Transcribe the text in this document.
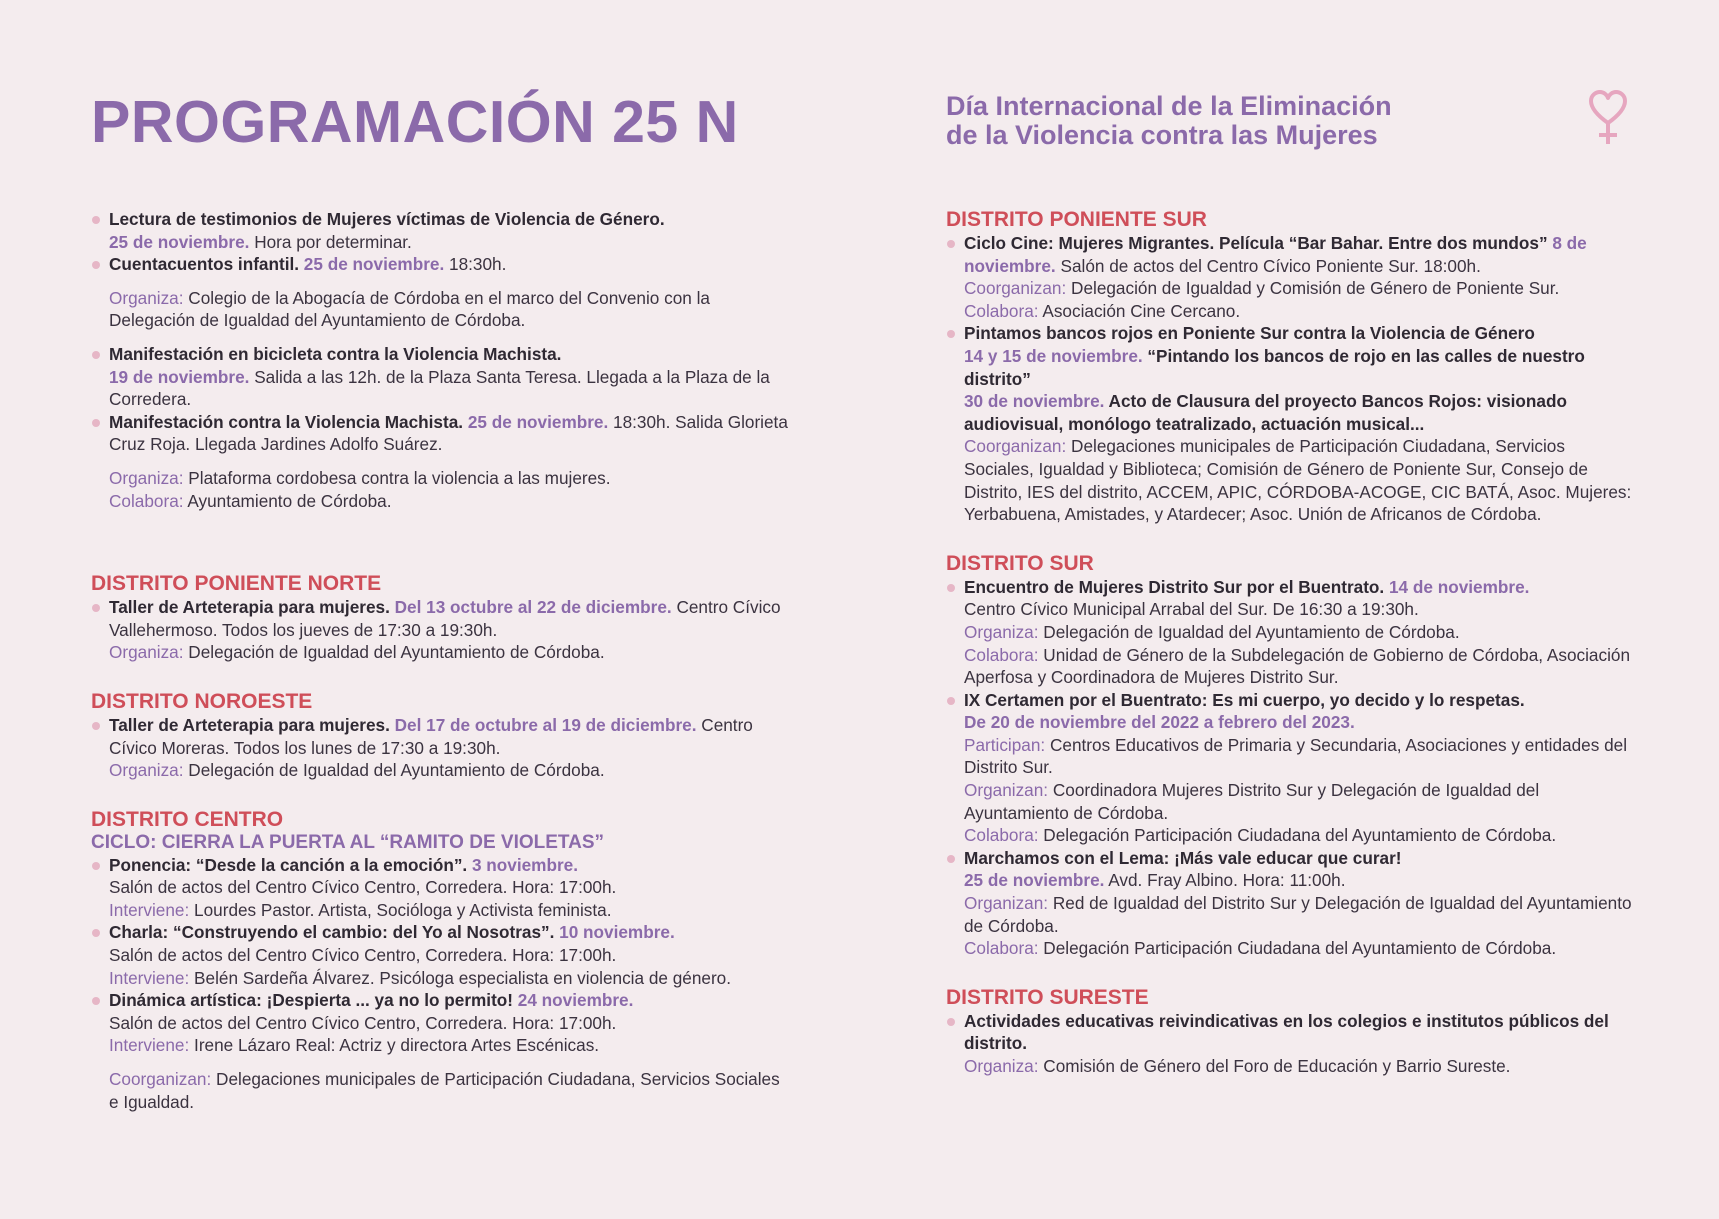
PROGRAMACIÓN 25 N	Día Internacional de la Eliminación
de la Violencia contra las Mujeres
Lectura de testimonios de Mujeres víctimas de Violencia de Género.
25 de noviembre. Hora por determinar.
Cuentacuentos infantil. 25 de noviembre. 18:30h.
Organiza: Colegio de la Abogacía de Córdoba en el marco del Convenio con la Delegación de Igualdad del Ayuntamiento de Córdoba.
Manifestación en bicicleta contra la Violencia Machista.
19 de noviembre. Salida a las 12h. de la Plaza Santa Teresa. Llegada a la Plaza de la Corredera.
Manifestación contra la Violencia Machista. 25 de noviembre. 18:30h. Salida Glorieta Cruz Roja. Llegada Jardines Adolfo Suárez.
Organiza: Plataforma cordobesa contra la violencia a las mujeres.
Colabora: Ayuntamiento de Córdoba.
DISTRITO PONIENTE NORTE
Taller de Arteterapia para mujeres. Del 13 octubre al 22 de diciembre. Centro Cívico Vallehermoso. Todos los jueves de 17:30 a 19:30h.
Organiza: Delegación de Igualdad del Ayuntamiento de Córdoba.
DISTRITO NOROESTE
Taller de Arteterapia para mujeres. Del 17 de octubre al 19 de diciembre. Centro Cívico Moreras. Todos los lunes de 17:30 a 19:30h.
Organiza: Delegación de Igualdad del Ayuntamiento de Córdoba.
DISTRITO CENTRO
CICLO: CIERRA LA PUERTA AL “RAMITO DE VIOLETAS”
Ponencia: “Desde la canción a la emoción”. 3 noviembre.
Salón de actos del Centro Cívico Centro, Corredera. Hora: 17:00h.
Interviene: Lourdes Pastor. Artista, Socióloga y Activista feminista.
Charla: “Construyendo el cambio: del Yo al Nosotras”. 10 noviembre.
Salón de actos del Centro Cívico Centro, Corredera. Hora: 17:00h.
Interviene: Belén Sardeña Álvarez. Psicóloga especialista en violencia de género.
Dinámica artística: ¡Despierta ... ya no lo permito! 24 noviembre.
Salón de actos del Centro Cívico Centro, Corredera. Hora: 17:00h.
Interviene: Irene Lázaro Real: Actriz y directora Artes Escénicas.
Coorganizan: Delegaciones municipales de Participación Ciudadana, Servicios Sociales e Igualdad.
DISTRITO PONIENTE SUR
Ciclo Cine: Mujeres Migrantes. Película “Bar Bahar. Entre dos mundos” 8 de noviembre. Salón de actos del Centro Cívico Poniente Sur. 18:00h.
Coorganizan: Delegación de Igualdad y Comisión de Género de Poniente Sur.
Colabora: Asociación Cine Cercano.
Pintamos bancos rojos en Poniente Sur contra la Violencia de Género
14 y 15 de noviembre. “Pintando los bancos de rojo en las calles de nuestro distrito”
30 de noviembre. Acto de Clausura del proyecto Bancos Rojos: visionado audiovisual, monólogo teatralizado, actuación musical...
Coorganizan: Delegaciones municipales de Participación Ciudadana, Servicios Sociales, Igualdad y Biblioteca; Comisión de Género de Poniente Sur, Consejo de Distrito, IES del distrito, ACCEM, APIC, CÓRDOBA-ACOGE, CIC BATÁ, Asoc. Mujeres: Yerbabuena, Amistades, y Atardecer; Asoc. Unión de Africanos de Córdoba.
DISTRITO SUR
Encuentro de Mujeres Distrito Sur por el Buentrato. 14 de noviembre.
Centro Cívico Municipal Arrabal del Sur. De 16:30 a 19:30h.
Organiza: Delegación de Igualdad del Ayuntamiento de Córdoba.
Colabora: Unidad de Género de la Subdelegación de Gobierno de Córdoba, Asociación Aperfosa y Coordinadora de Mujeres Distrito Sur.
IX Certamen por el Buentrato: Es mi cuerpo, yo decido y lo respetas.
De 20 de noviembre del 2022 a febrero del 2023.
Participan: Centros Educativos de Primaria y Secundaria, Asociaciones y entidades del Distrito Sur.
Organizan: Coordinadora Mujeres Distrito Sur y Delegación de Igualdad del Ayuntamiento de Córdoba.
Colabora: Delegación Participación Ciudadana del Ayuntamiento de Córdoba.
Marchamos con el Lema: ¡Más vale educar que curar!
25 de noviembre. Avd. Fray Albino. Hora: 11:00h.
Organizan: Red de Igualdad del Distrito Sur y Delegación de Igualdad del Ayuntamiento de Córdoba.
Colabora: Delegación Participación Ciudadana del Ayuntamiento de Córdoba.
DISTRITO SURESTE
Actividades educativas reivindicativas en los colegios e institutos públicos del distrito.
Organiza: Comisión de Género del Foro de Educación y Barrio Sureste.
